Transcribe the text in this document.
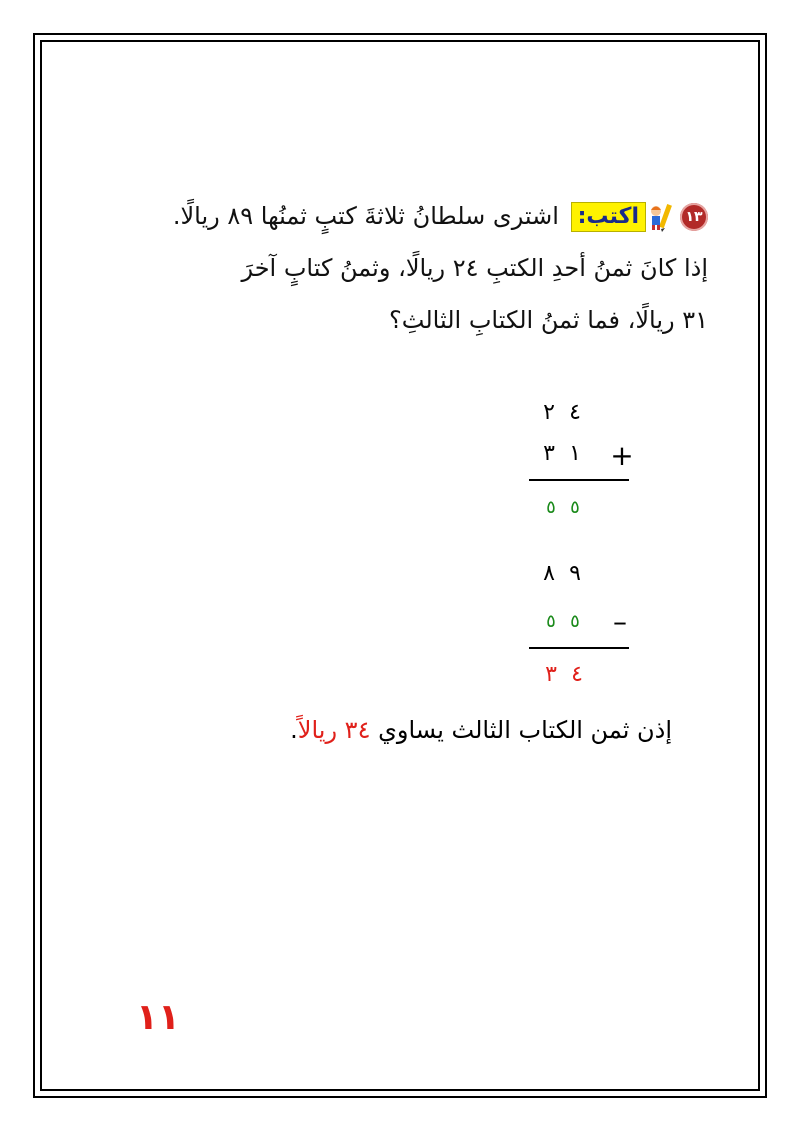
١٣اكتب: اشترى سلطانُ ثلاثةَ كتبٍ ثمنُها ٨٩ ريالًا.
إذا كانَ ثمنُ أحدِ الكتبِ ٢٤ ريالًا، وثمنُ كتابٍ آخرَ
٣١ ريالًا، فما ثمنُ الكتابِ الثالثِ؟
٢ ٤
٣ ١ +
٥ ٥
٨ ٩
٥ ٥ –
٣ ٤
إذن ثمن الكتاب الثالث يساوي ٣٤ ريالاً.
١١
